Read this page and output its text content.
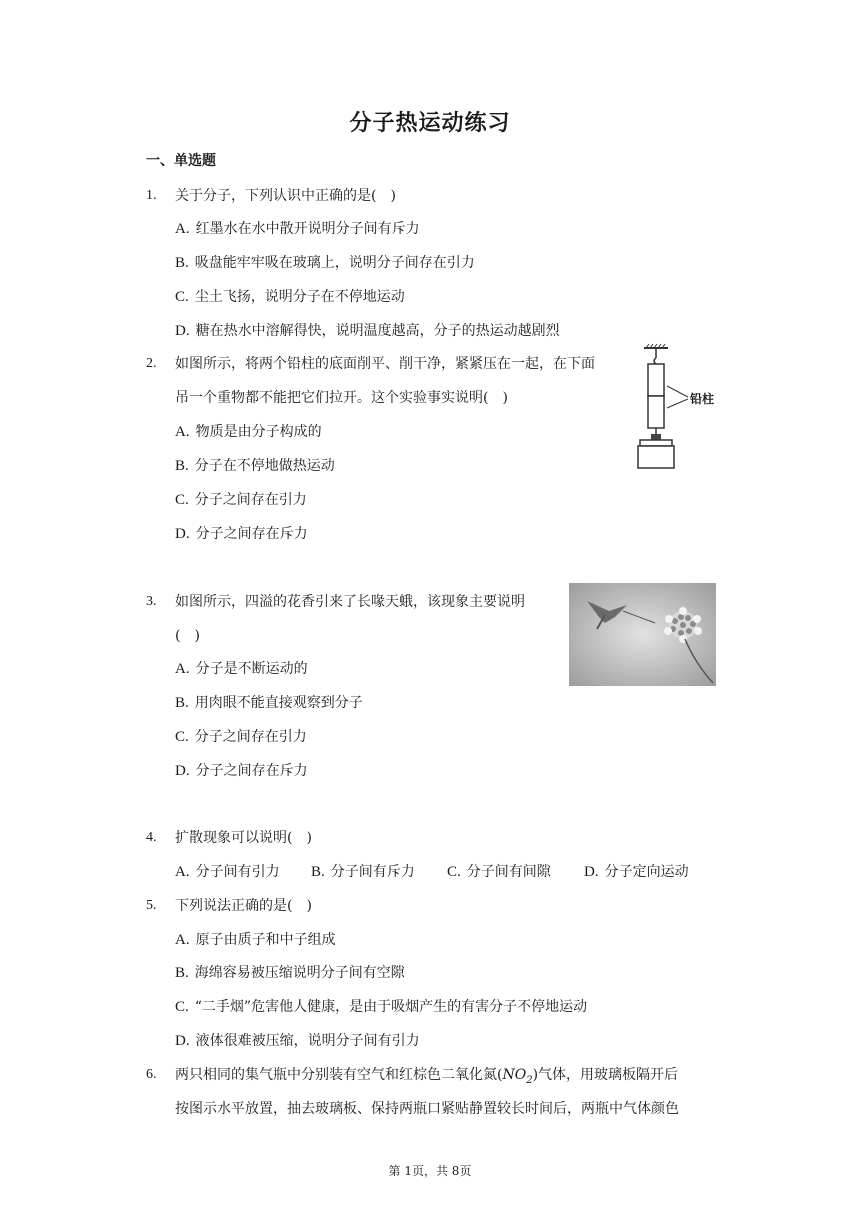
分子热运动练习
一、单选题
1. 关于分子，下列认识中正确的是(　)
A. 红墨水在水中散开说明分子间有斥力
B. 吸盘能牢牢吸在玻璃上，说明分子间存在引力
C. 尘土飞扬，说明分子在不停地运动
D. 糖在热水中溶解得快，说明温度越高，分子的热运动越剧烈
2. 如图所示，将两个铅柱的底面削平、削干净，紧紧压在一起，在下面
吊一个重物都不能把它们拉开。这个实验事实说明(　)
A. 物质是由分子构成的
B. 分子在不停地做热运动
C. 分子之间存在引力
D. 分子之间存在斥力
铅柱
3. 如图所示，四溢的花香引来了长喙天蛾，该现象主要说明
(　)
A. 分子是不断运动的
B. 用肉眼不能直接观察到分子
C. 分子之间存在引力
D. 分子之间存在斥力
4. 扩散现象可以说明(　)
A. 分子间有引力 B. 分子间有斥力 C. 分子间有间隙 D. 分子定向运动
5. 下列说法正确的是(　)
A. 原子由质子和中子组成
B. 海绵容易被压缩说明分子间有空隙
C. “二手烟”危害他人健康，是由于吸烟产生的有害分子不停地运动
D. 液体很难被压缩，说明分子间有引力
6. 两只相同的集气瓶中分别装有空气和红棕色二氧化氮$(NO_2)$气体，用玻璃板隔开后
按图示水平放置，抽去玻璃板、保持两瓶口紧贴静置较长时间后，两瓶中气体颜色
第 1页，共 8页
